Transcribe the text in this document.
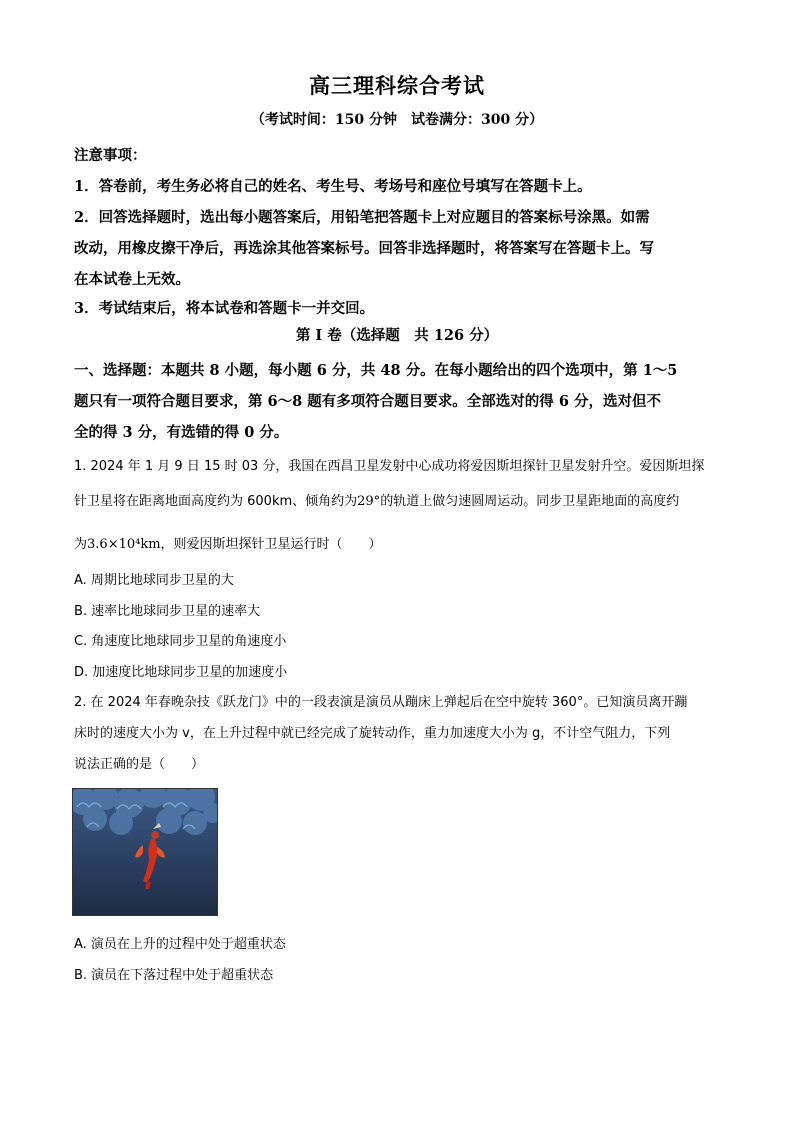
高三理科综合考试
（考试时间：150 分钟　试卷满分：300 分）
注意事项：
1．答卷前，考生务必将自己的姓名、考生号、考场号和座位号填写在答题卡上。
2．回答选择题时，选出每小题答案后，用铅笔把答题卡上对应题目的答案标号涂黑。如需
改动，用橡皮擦干净后，再选涂其他答案标号。回答非选择题时，将答案写在答题卡上。写
在本试卷上无效。
3．考试结束后，将本试卷和答题卡一并交回。
第 I 卷（选择题　共 126 分）
一、选择题：本题共 8 小题，每小题 6 分，共 48 分。在每小题给出的四个选项中，第 1～5
题只有一项符合题目要求，第 6～8 题有多项符合题目要求。全部选对的得 6 分，选对但不
全的得 3 分，有选错的得 0 分。
1. 2024 年 1 月 9 日 15 时 03 分，我国在西昌卫星发射中心成功将爱因斯坦探针卫星发射升空。爱因斯坦探
针卫星将在距离地面高度约为 600km、倾角约为29°的轨道上做匀速圆周运动。同步卫星距地面的高度约
为3.6×10⁴km，则爱因斯坦探针卫星运行时（　　）
A. 周期比地球同步卫星的大
B. 速率比地球同步卫星的速率大
C. 角速度比地球同步卫星的角速度小
D. 加速度比地球同步卫星的加速度小
2. 在 2024 年春晚杂技《跃龙门》中的一段表演是演员从蹦床上弹起后在空中旋转 360°。已知演员离开蹦
床时的速度大小为 v，在上升过程中就已经完成了旋转动作，重力加速度大小为 g，不计空气阻力，下列
说法正确的是（　　）
A. 演员在上升的过程中处于超重状态
B. 演员在下落过程中处于超重状态
